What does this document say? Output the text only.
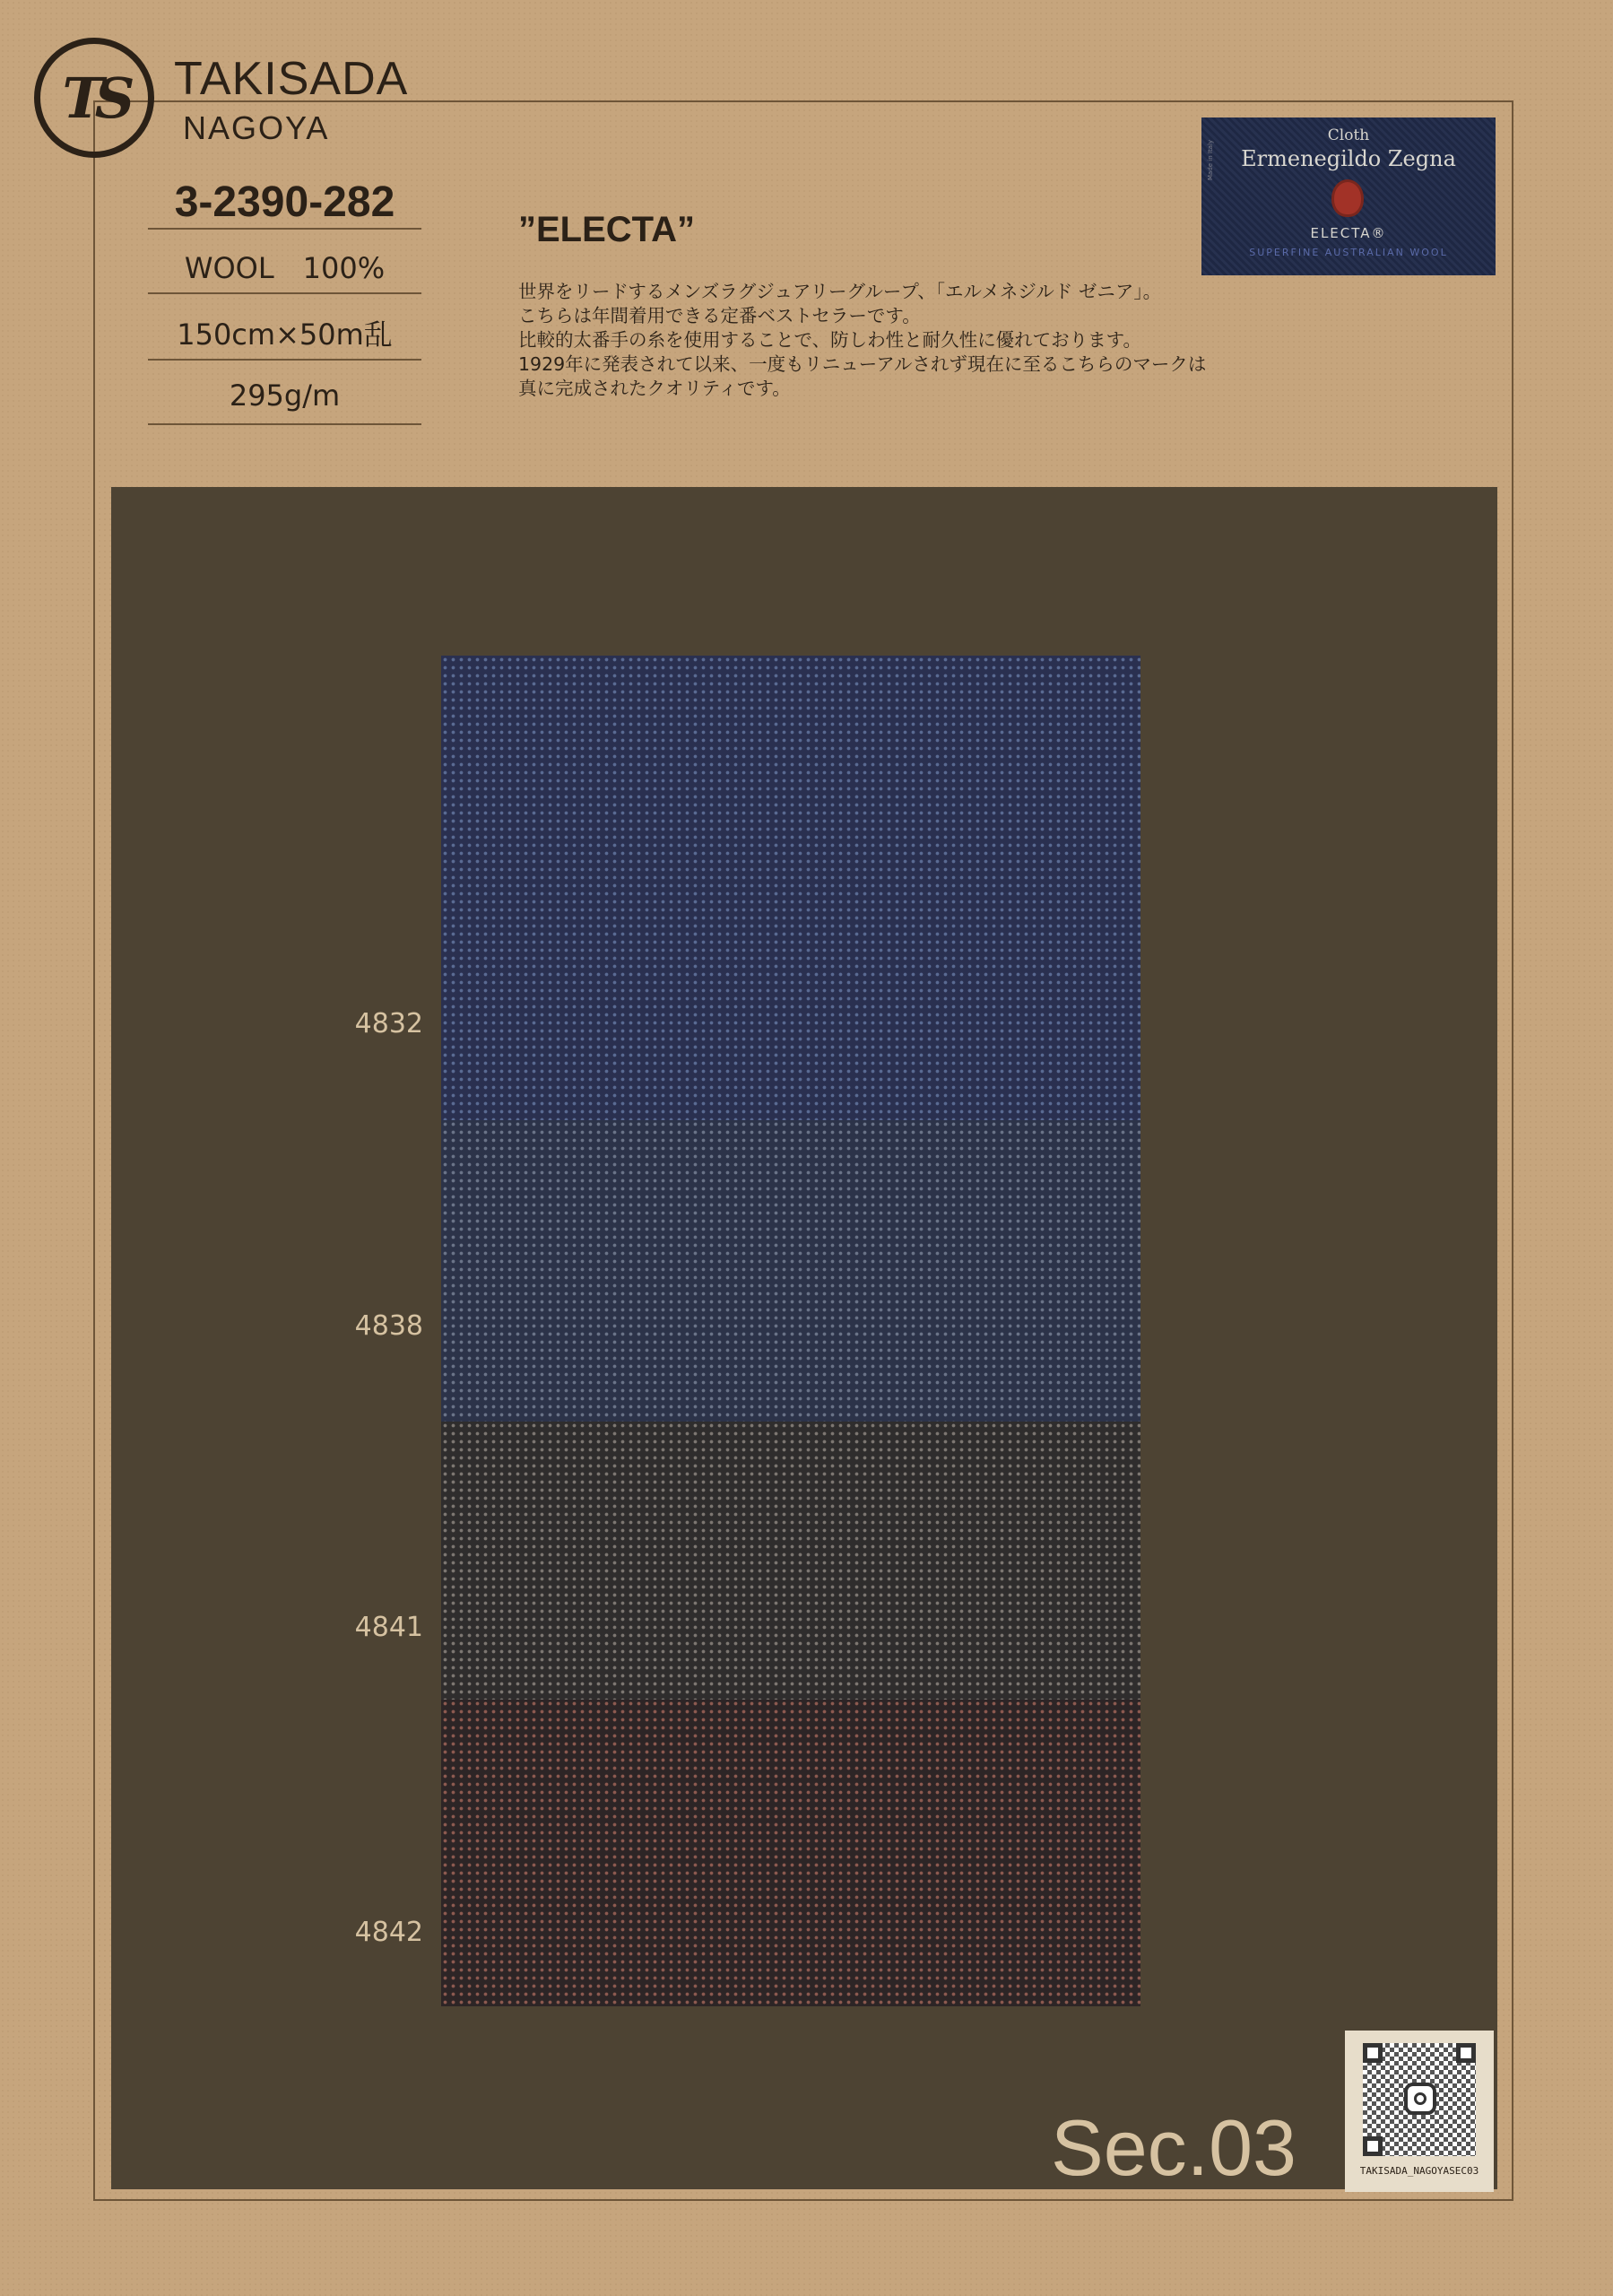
TS	TAKISADA
NAGOYA
3-2390-282
WOOL　100%
150cm×50m乱
295g/m
”ELECTA”

世界をリードするメンズラグジュアリーグループ、「エルメネジルド ゼニア」。

こちらは年間着用できる定番ベストセラーです。

比較的太番手の糸を使用することで、防しわ性と耐久性に優れております。

1929年に発表されて以来、一度もリニューアルされず現在に至るこちらのマークは

真に完成されたクオリティです。

Made in Italy
Cloth
Ermenegildo Zegna
ELECTA®
SUPERFINE AUSTRALIAN WOOL
4832
4838
4841
4842
Sec.03	TAKISADA_NAGOYASEC03
